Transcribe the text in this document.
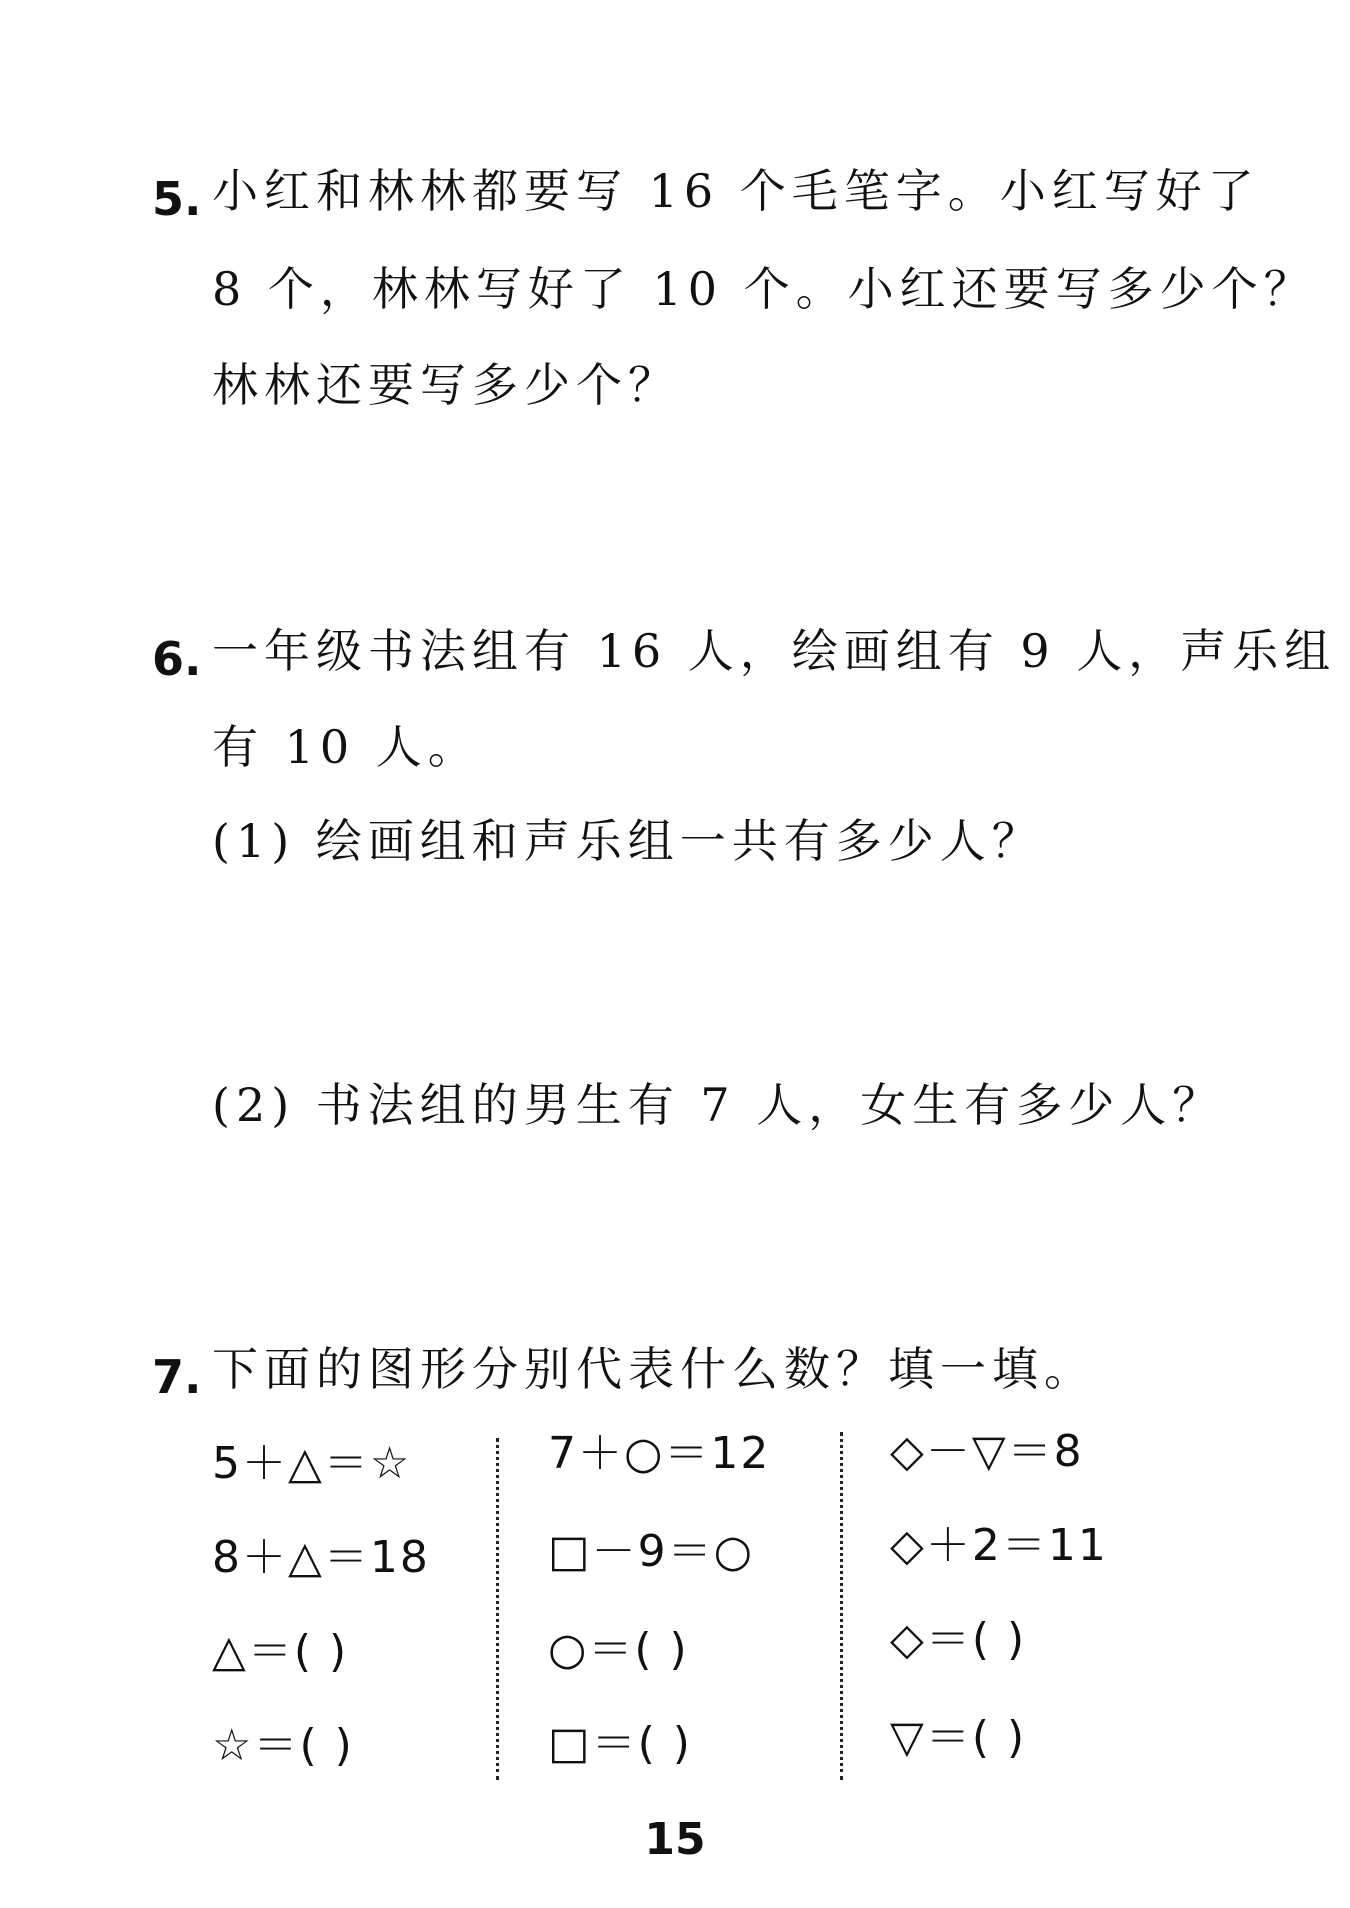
5. 小红和林林都要写 16 个毛笔字。小红写好了
8 个，林林写好了 10 个。小红还要写多少个？
林林还要写多少个？
6. 一年级书法组有 16 人，绘画组有 9 人，声乐组
有 10 人。
(1) 绘画组和声乐组一共有多少人？
(2) 书法组的男生有 7 人，女生有多少人？
7. 下面的图形分别代表什么数？填一填。
5＋△＝☆
8＋△＝18
△＝( )
☆＝( )
7＋○＝12
□－9＝○
○＝( )
□＝( )
◇－▽＝8
◇＋2＝11
◇＝( )
▽＝( )
15
